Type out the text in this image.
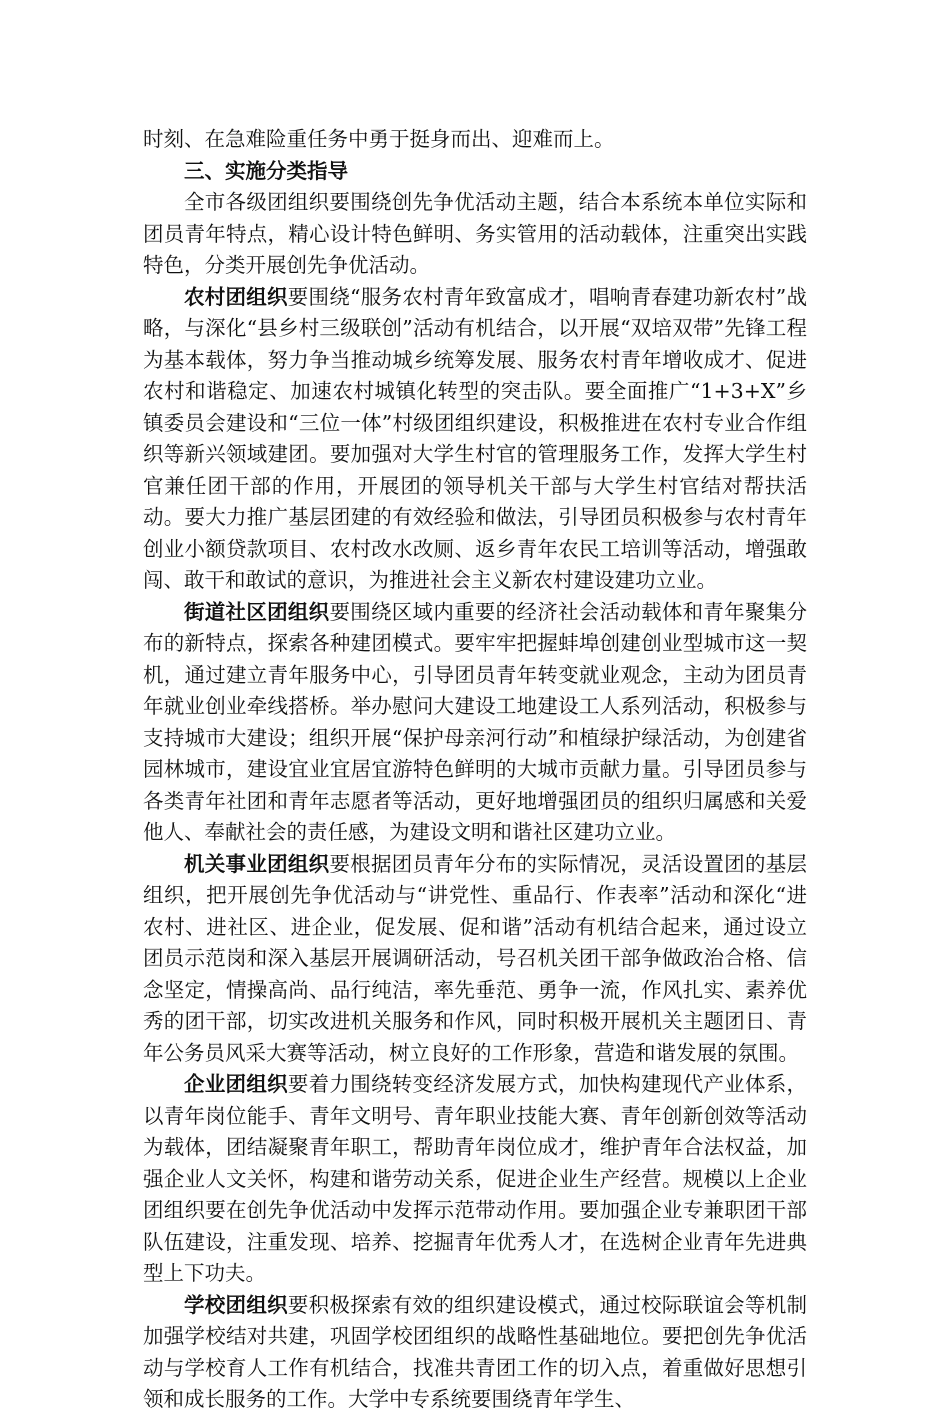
时刻、在急难险重任务中勇于挺身而出、迎难而上。

三、实施分类指导

全市各级团组织要围绕创先争优活动主题，结合本系统本单位实际和团员青年特点，精心设计特色鲜明、务实管用的活动载体，注重突出实践特色，分类开展创先争优活动。

农村团组织要围绕“服务农村青年致富成才，唱响青春建功新农村”战略，与深化“县乡村三级联创”活动有机结合，以开展“双培双带”先锋工程为基本载体，努力争当推动城乡统筹发展、服务农村青年增收成才、促进农村和谐稳定、加速农村城镇化转型的突击队。要全面推广“1+3+X”乡镇委员会建设和“三位一体”村级团组织建设，积极推进在农村专业合作组织等新兴领域建团。要加强对大学生村官的管理服务工作，发挥大学生村官兼任团干部的作用，开展团的领导机关干部与大学生村官结对帮扶活动。要大力推广基层团建的有效经验和做法，引导团员积极参与农村青年创业小额贷款项目、农村改水改厕、返乡青年农民工培训等活动，增强敢闯、敢干和敢试的意识，为推进社会主义新农村建设建功立业。

街道社区团组织要围绕区域内重要的经济社会活动载体和青年聚集分布的新特点，探索各种建团模式。要牢牢把握蚌埠创建创业型城市这一契机，通过建立青年服务中心，引导团员青年转变就业观念，主动为团员青年就业创业牵线搭桥。举办慰问大建设工地建设工人系列活动，积极参与支持城市大建设；组织开展“保护母亲河行动”和植绿护绿活动，为创建省园林城市，建设宜业宜居宜游特色鲜明的大城市贡献力量。引导团员参与各类青年社团和青年志愿者等活动，更好地增强团员的组织归属感和关爱他人、奉献社会的责任感，为建设文明和谐社区建功立业。

机关事业团组织要根据团员青年分布的实际情况，灵活设置团的基层组织，把开展创先争优活动与“讲党性、重品行、作表率”活动和深化“进农村、进社区、进企业，促发展、促和谐”活动有机结合起来，通过设立团员示范岗和深入基层开展调研活动，号召机关团干部争做政治合格、信念坚定，情操高尚、品行纯洁，率先垂范、勇争一流，作风扎实、素养优秀的团干部，切实改进机关服务和作风，同时积极开展机关主题团日、青年公务员风采大赛等活动，树立良好的工作形象，营造和谐发展的氛围。

企业团组织要着力围绕转变经济发展方式，加快构建现代产业体系，以青年岗位能手、青年文明号、青年职业技能大赛、青年创新创效等活动为载体，团结凝聚青年职工，帮助青年岗位成才，维护青年合法权益，加强企业人文关怀，构建和谐劳动关系，促进企业生产经营。规模以上企业团组织要在创先争优活动中发挥示范带动作用。要加强企业专兼职团干部队伍建设，注重发现、培养、挖掘青年优秀人才，在选树企业青年先进典型上下功夫。

学校团组织要积极探索有效的组织建设模式，通过校际联谊会等机制加强学校结对共建，巩固学校团组织的战略性基础地位。要把创先争优活动与学校育人工作有机结合，找准共青团工作的切入点，着重做好思想引领和成长服务的工作。大学中专系统要围绕青年学生、
